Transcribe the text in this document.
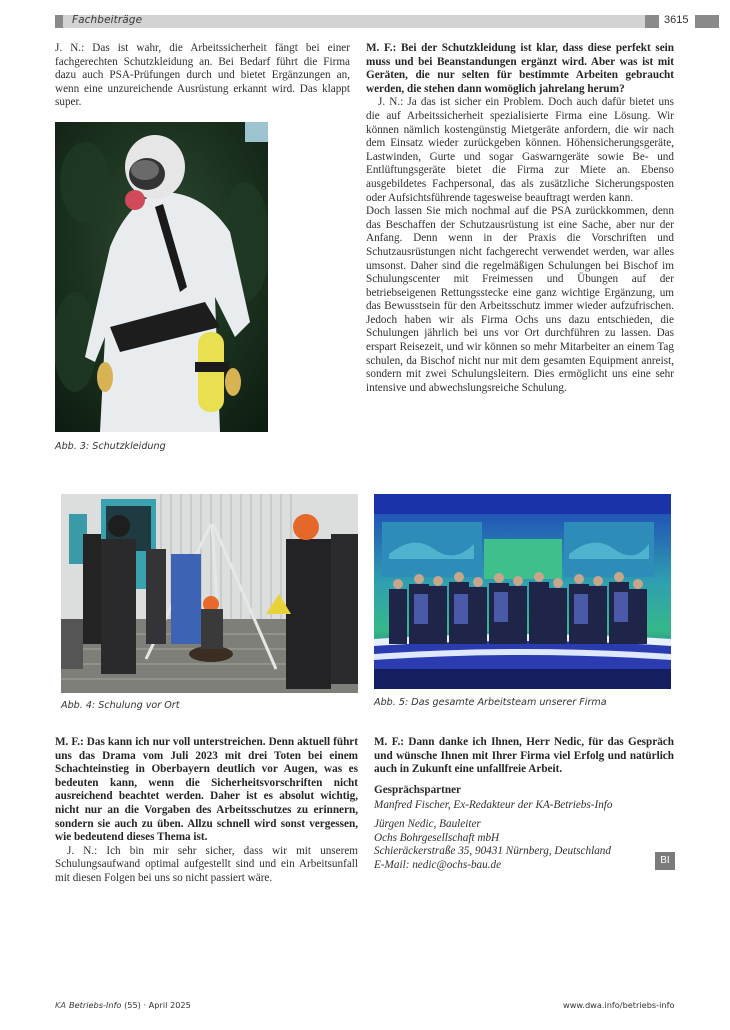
Fachbeiträge	3615

J. N.: Das ist wahr, die Arbeitssicherheit fängt bei einer fachgerechten Schutzkleidung an. Bei Bedarf führt die Firma dazu auch PSA-Prüfungen durch und bietet Ergänzungen an, wenn eine unzureichende Ausrüstung erkannt wird. Das klappt super.

M. F.: Bei der Schutzkleidung ist klar, dass diese perfekt sein muss und bei Beanstandungen ergänzt wird. Aber was ist mit Geräten, die nur selten für bestimmte Arbeiten gebraucht werden, die stehen dann womöglich jahrelang herum?

J. N.: Ja das ist sicher ein Problem. Doch auch dafür bietet uns die auf Arbeitssicherheit spezialisierte Firma eine Lösung. Wir können nämlich kostengünstig Mietgeräte anfordern, die wir nach dem Einsatz wieder zurückgeben können. Höhensicherungsgeräte, Lastwinden, Gurte und sogar Gaswarngeräte sowie Be- und Entlüftungsgeräte bietet die Firma zur Miete an. Ebenso ausgebildetes Fachpersonal, das als zusätzliche Sicherungsposten oder Aufsichtsführende tagesweise beauftragt werden kann.

Doch lassen Sie mich nochmal auf die PSA zurückkommen, denn das Beschaffen der Schutzausrüstung ist eine Sache, aber nur der Anfang. Denn wenn in der Praxis die Vorschriften und Schutzausrüstungen nicht fachgerecht verwendet werden, war alles umsonst. Daher sind die regelmäßigen Schulungen bei Bischof im Schulungscenter mit Freimessen und Übungen auf der betriebseigenen Rettungsstecke eine ganz wichtige Ergänzung, um das Bewusstsein für den Arbeitsschutz immer wieder aufzufrischen. Jedoch haben wir als Firma Ochs uns dazu entschieden, die Schulungen jährlich bei uns vor Ort durchführen zu lassen. Das erspart Reisezeit, und wir können so mehr Mitarbeiter an einem Tag schulen, da Bischof nicht nur mit dem gesamten Equipment anreist, sondern mit zwei Schulungsleitern. Dies ermöglicht uns eine sehr intensive und abwechslungsreiche Schulung.

Abb. 3: Schutzkleidung
Abb. 4: Schulung vor Ort	Abb. 5: Das gesamte Arbeitsteam unserer Firma

M. F.: Das kann ich nur voll unterstreichen. Denn aktuell führt uns das Drama vom Juli 2023 mit drei Toten bei einem Schachteinstieg in Oberbayern deutlich vor Augen, was es bedeuten kann, wenn die Sicherheitsvorschriften nicht ausreichend beachtet werden. Daher ist es absolut wichtig, nicht nur an die Vorgaben des Arbeitsschutzes zu erinnern, sondern sie auch zu üben. Allzu schnell wird sonst vergessen, wie bedeutend dieses Thema ist.

J. N.: Ich bin mir sehr sicher, dass wir mit unserem Schulungsaufwand optimal aufgestellt sind und ein Arbeitsunfall mit diesen Folgen bei uns so nicht passiert wäre.

M. F.: Dann danke ich Ihnen, Herr Nedic, für das Gespräch und wünsche Ihnen mit Ihrer Firma viel Erfolg und natürlich auch in Zukunft eine unfallfreie Arbeit.

Gesprächspartner
Manfred Fischer, Ex-Redakteur der KA-Betriebs-Info
Jürgen Nedic, Bauleiter
Ochs Bohrgesellschaft mbH
Schieräckerstraße 35, 90431 Nürnberg, Deutschland
E-Mail: nedic@ochs-bau.de	BI
KA Betriebs-Info (55) · April 2025	www.dwa.info/betriebs-info
